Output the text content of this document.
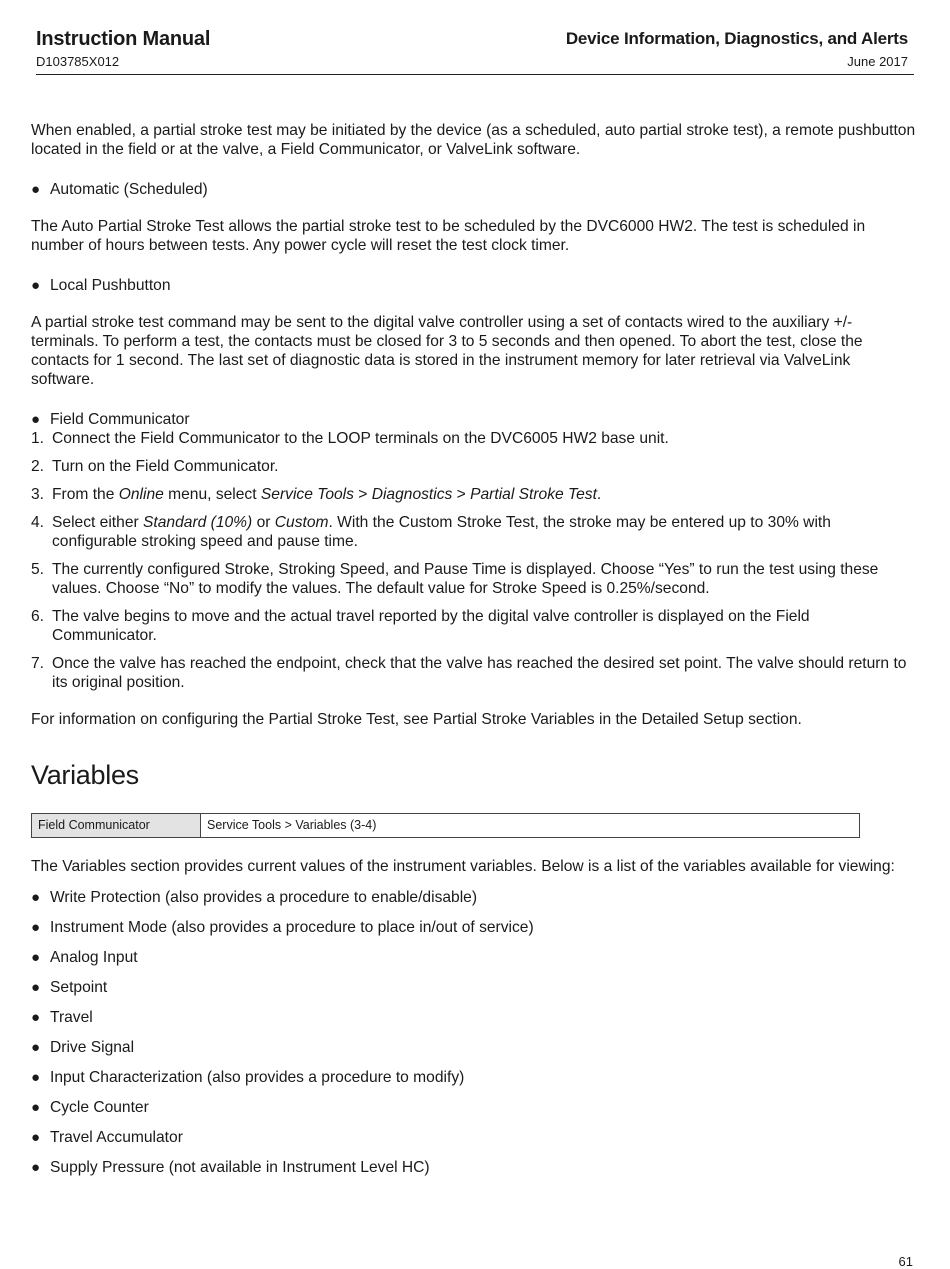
Instruction Manual
D103785X012
Device Information, Diagnostics, and Alerts
June 2017

When enabled, a partial stroke test may be initiated by the device (as a scheduled, auto partial stroke test), a remote pushbutton located in the field or at the valve, a Field Communicator, or ValveLink software.

● Automatic (Scheduled)

The Auto Partial Stroke Test allows the partial stroke test to be scheduled by the DVC6000 HW2. The test is scheduled in number of hours between tests. Any power cycle will reset the test clock timer.

● Local Pushbutton

A partial stroke test command may be sent to the digital valve controller using a set of contacts wired to the auxiliary +/- terminals. To perform a test, the contacts must be closed for 3 to 5 seconds and then opened. To abort the test, close the contacts for 1 second. The last set of diagnostic data is stored in the instrument memory for later retrieval via ValveLink software.

● Field Communicator
1. Connect the Field Communicator to the LOOP terminals on the DVC6005 HW2 base unit.
2. Turn on the Field Communicator.
3. From the Online menu, select Service Tools > Diagnostics > Partial Stroke Test.
4. Select either Standard (10%) or Custom. With the Custom Stroke Test, the stroke may be entered up to 30% with configurable stroking speed and pause time.
5. The currently configured Stroke, Stroking Speed, and Pause Time is displayed. Choose “Yes” to run the test using these values. Choose “No” to modify the values. The default value for Stroke Speed is 0.25%/second.
6. The valve begins to move and the actual travel reported by the digital valve controller is displayed on the Field Communicator.
7. Once the valve has reached the endpoint, check that the valve has reached the desired set point. The valve should return to its original position.

For information on configuring the Partial Stroke Test, see Partial Stroke Variables in the Detailed Setup section.

Variables
Field Communicator	Service Tools > Variables (3-4)

The Variables section provides current values of the instrument variables. Below is a list of the variables available for viewing:

● Write Protection (also provides a procedure to enable/disable)
● Instrument Mode (also provides a procedure to place in/out of service)
● Analog Input
● Setpoint
● Travel
● Drive Signal
● Input Characterization (also provides a procedure to modify)
● Cycle Counter
● Travel Accumulator
● Supply Pressure (not available in Instrument Level HC)
61
